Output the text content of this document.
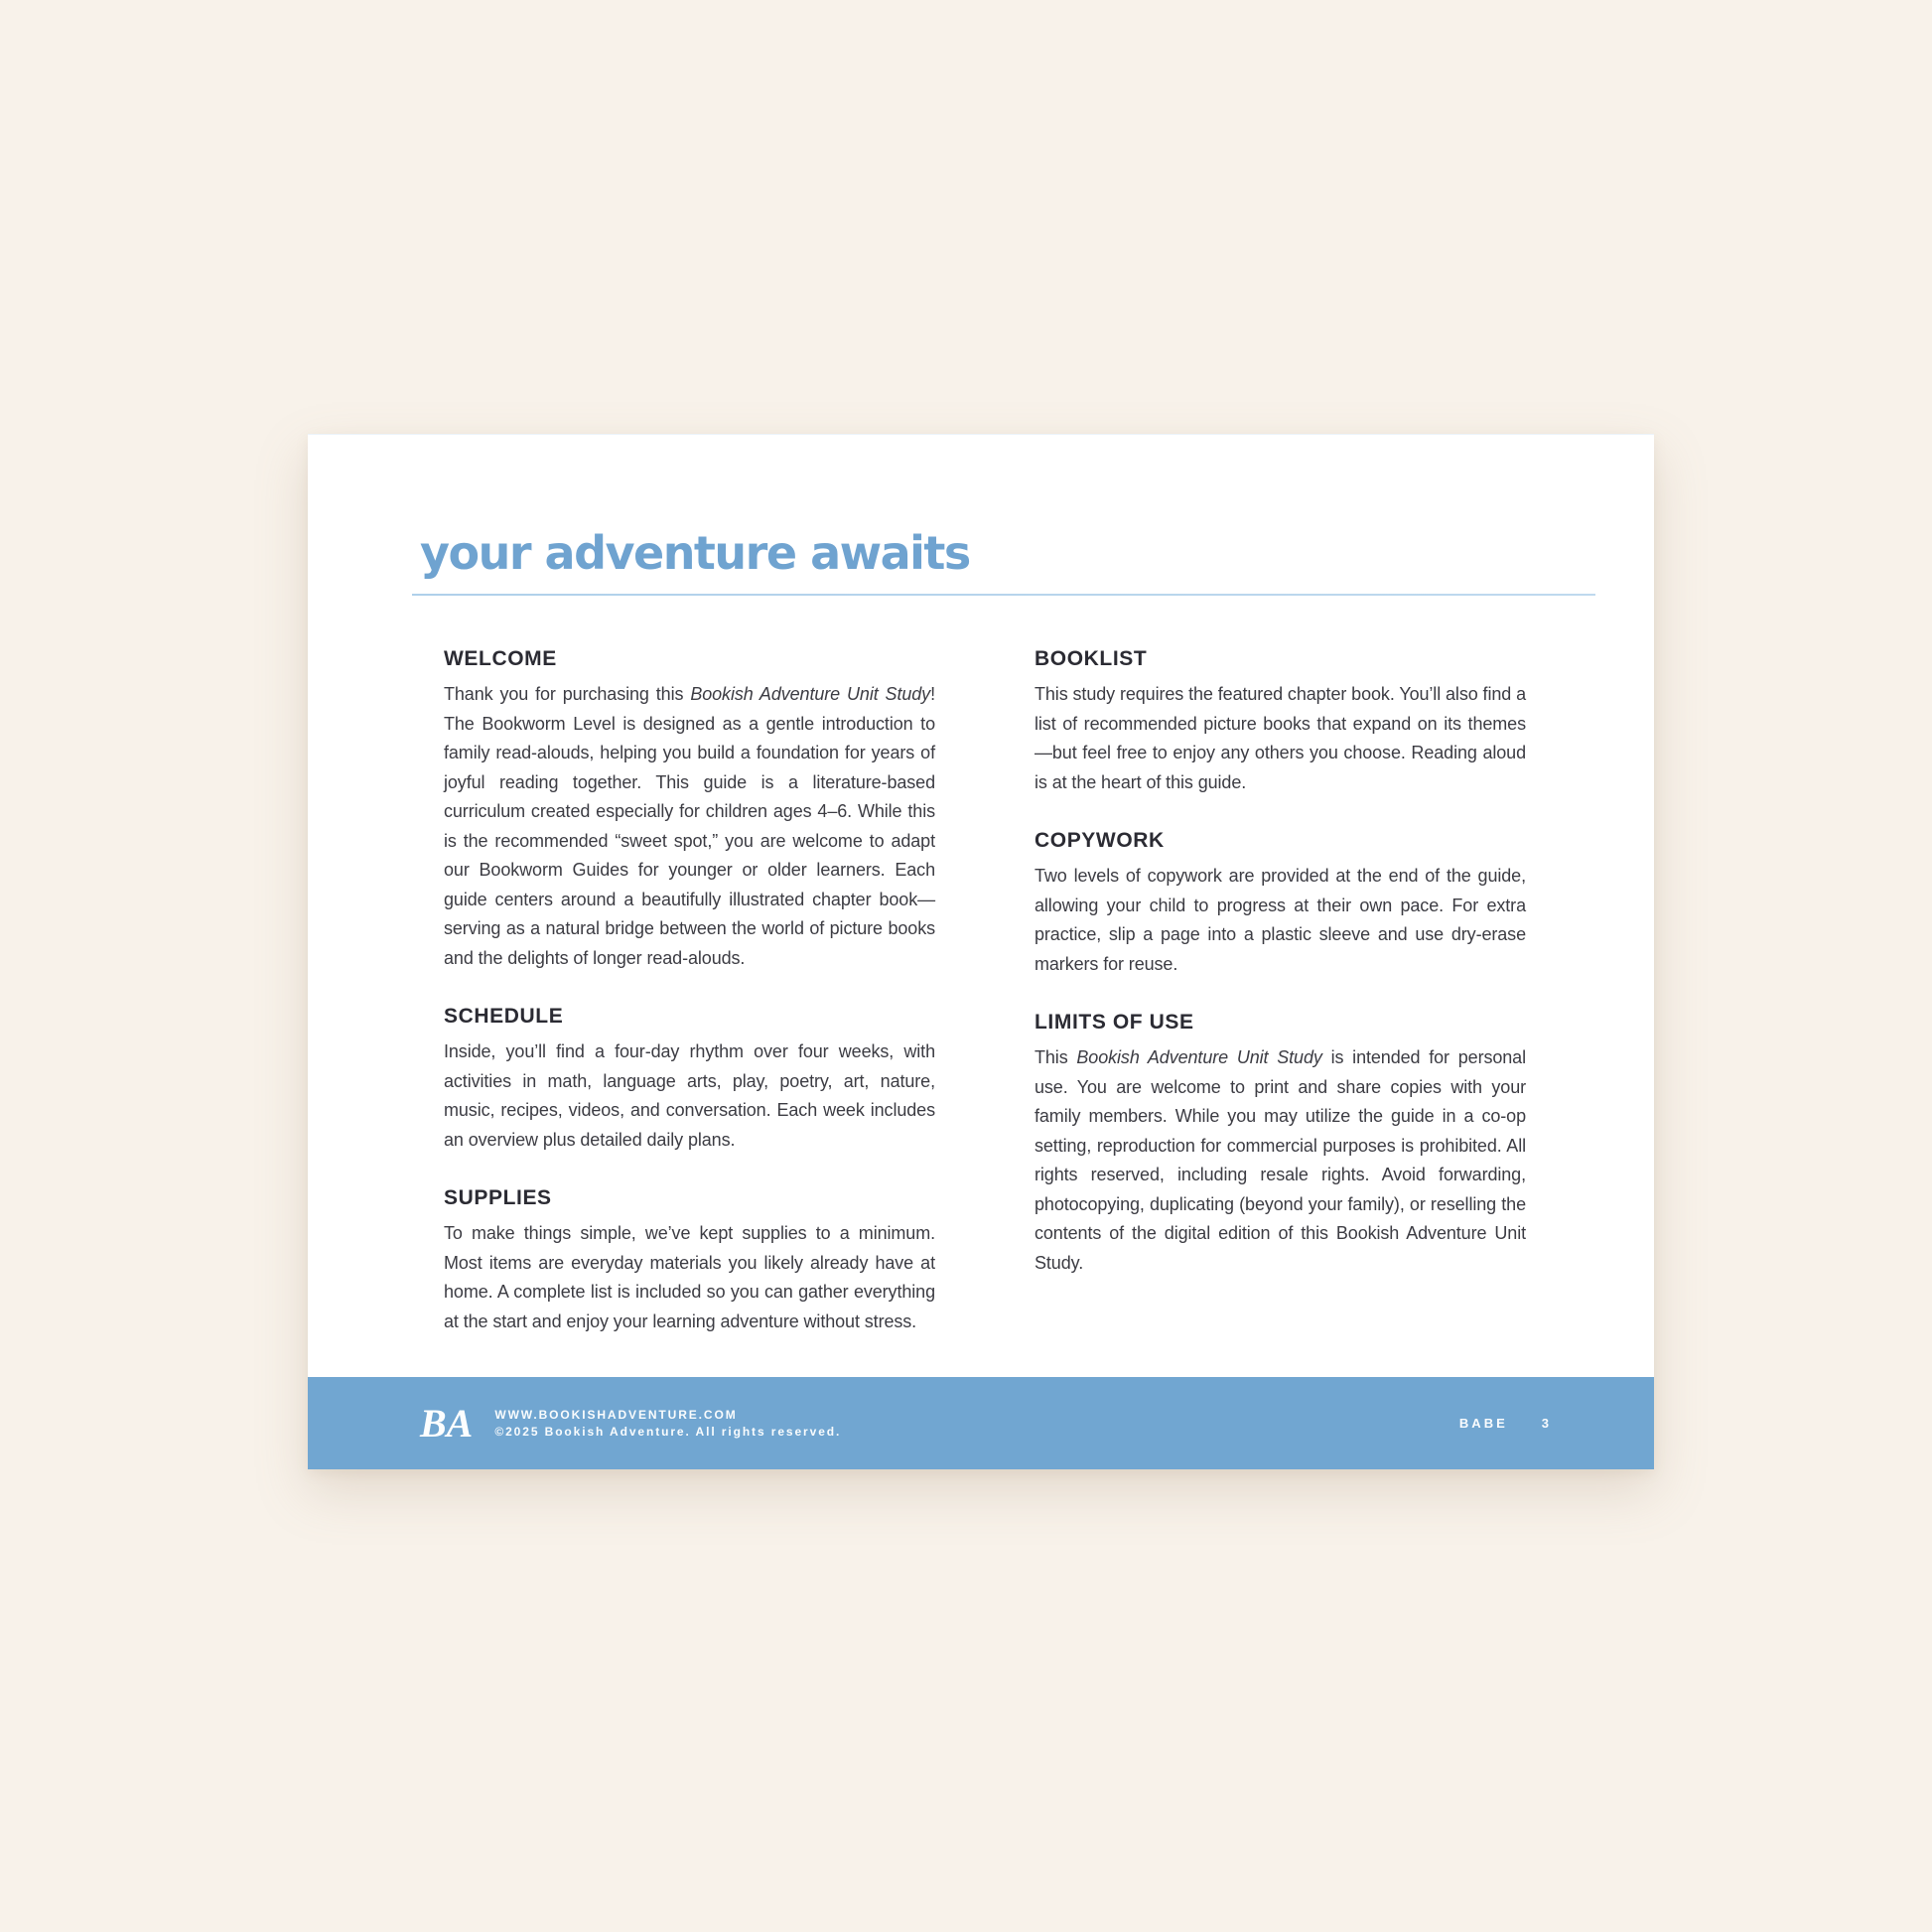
your adventure awaits
WELCOME

Thank you for purchasing this Bookish Adventure Unit Study! The Bookworm Level is designed as a gentle introduction to family read-alouds, helping you build a foundation for years of joyful reading together. This guide is a literature-based curriculum created especially for children ages 4–6. While this is the recommended “sweet spot,” you are welcome to adapt our Bookworm Guides for younger or older learners. Each guide centers around a beautifully illustrated chapter book—serving as a natural bridge between the world of picture books and the delights of longer read-alouds.

SCHEDULE

Inside, you’ll find a four-day rhythm over four weeks, with activities in math, language arts, play, poetry, art, nature, music, recipes, videos, and conversation. Each week includes an overview plus detailed daily plans.

SUPPLIES

To make things simple, we’ve kept supplies to a minimum. Most items are everyday materials you likely already have at home. A complete list is included so you can gather everything at the start and enjoy your learning adventure without stress.

BOOKLIST

This study requires the featured chapter book. You’ll also find a list of recommended picture books that expand on its themes—but feel free to enjoy any others you choose. Reading aloud is at the heart of this guide.

COPYWORK

Two levels of copywork are provided at the end of the guide, allowing your child to progress at their own pace. For extra practice, slip a page into a plastic sleeve and use dry-erase markers for reuse.

LIMITS OF USE

This Bookish Adventure Unit Study is intended for personal use. You are welcome to print and share copies with your family members. While you may utilize the guide in a co-op setting, reproduction for commercial purposes is prohibited. All rights reserved, including resale rights. Avoid forwarding, photocopying, duplicating (beyond your family), or reselling the contents of the digital edition of this Bookish Adventure Unit Study.

BA WWW.BOOKISHADVENTURE.COM
©2025 Bookish Adventure. All rights reserved.
BABE	3
